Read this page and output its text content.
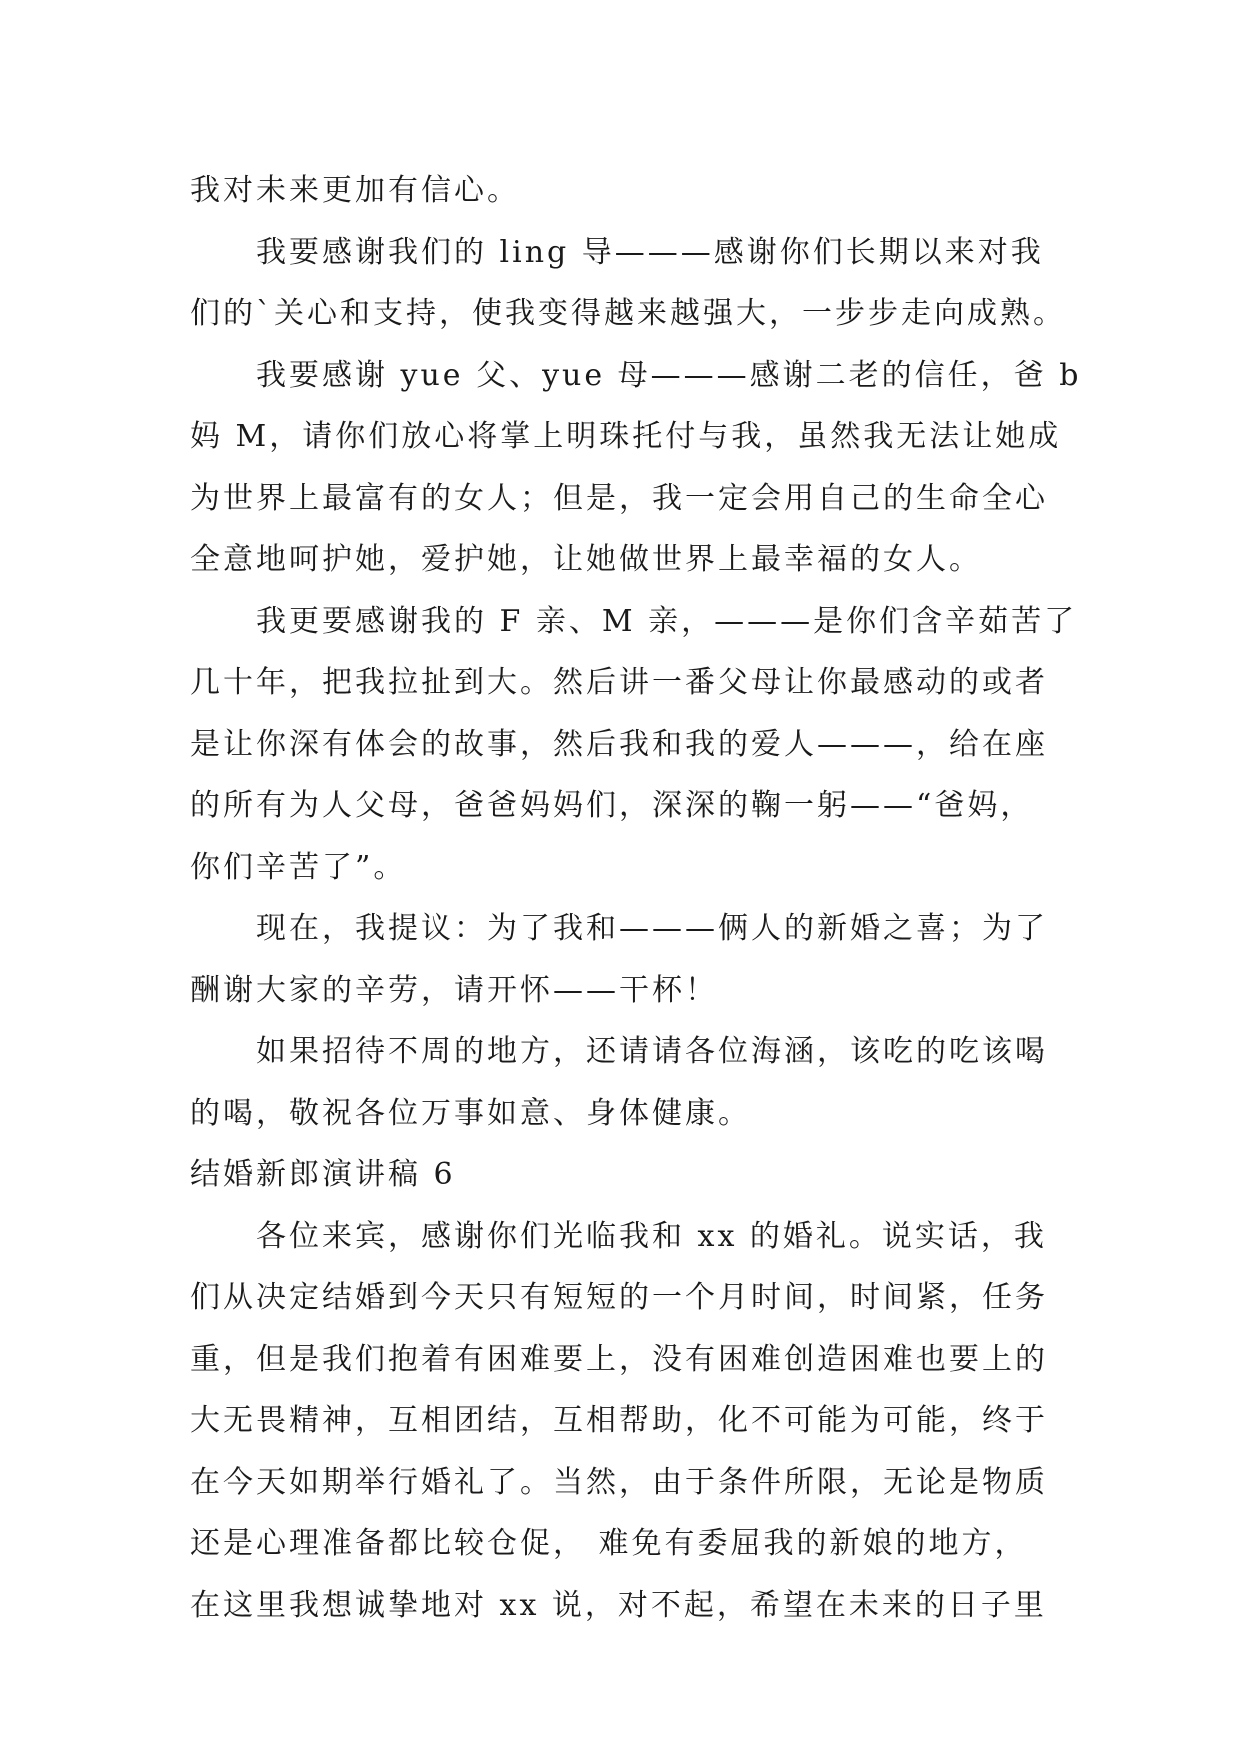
我对未来更加有信心。
我要感谢我们的 ling 导———感谢你们长期以来对我
们的`关心和支持，使我变得越来越强大，一步步走向成熟。
我要感谢 yue 父、yue 母———感谢二老的信任，爸 b
妈 M，请你们放心将掌上明珠托付与我，虽然我无法让她成
为世界上最富有的女人；但是，我一定会用自己的生命全心
全意地呵护她，爱护她，让她做世界上最幸福的女人。
我更要感谢我的 F 亲、M 亲，———是你们含辛茹苦了
几十年，把我拉扯到大。然后讲一番父母让你最感动的或者
是让你深有体会的故事，然后我和我的爱人———，给在座
的所有为人父母，爸爸妈妈们，深深的鞠一躬——“爸妈，
你们辛苦了”。
现在，我提议：为了我和———俩人的新婚之喜；为了
酬谢大家的辛劳，请开怀——干杯！
如果招待不周的地方，还请请各位海涵，该吃的吃该喝
的喝，敬祝各位万事如意、身体健康。
结婚新郎演讲稿 6
各位来宾，感谢你们光临我和 xx 的婚礼。说实话，我
们从决定结婚到今天只有短短的一个月时间，时间紧，任务
重，但是我们抱着有困难要上，没有困难创造困难也要上的
大无畏精神，互相团结，互相帮助，化不可能为可能，终于
在今天如期举行婚礼了。当然，由于条件所限，无论是物质
还是心理准备都比较仓促， 难免有委屈我的新娘的地方，
在这里我想诚挚地对 xx 说，对不起，希望在未来的日子里
